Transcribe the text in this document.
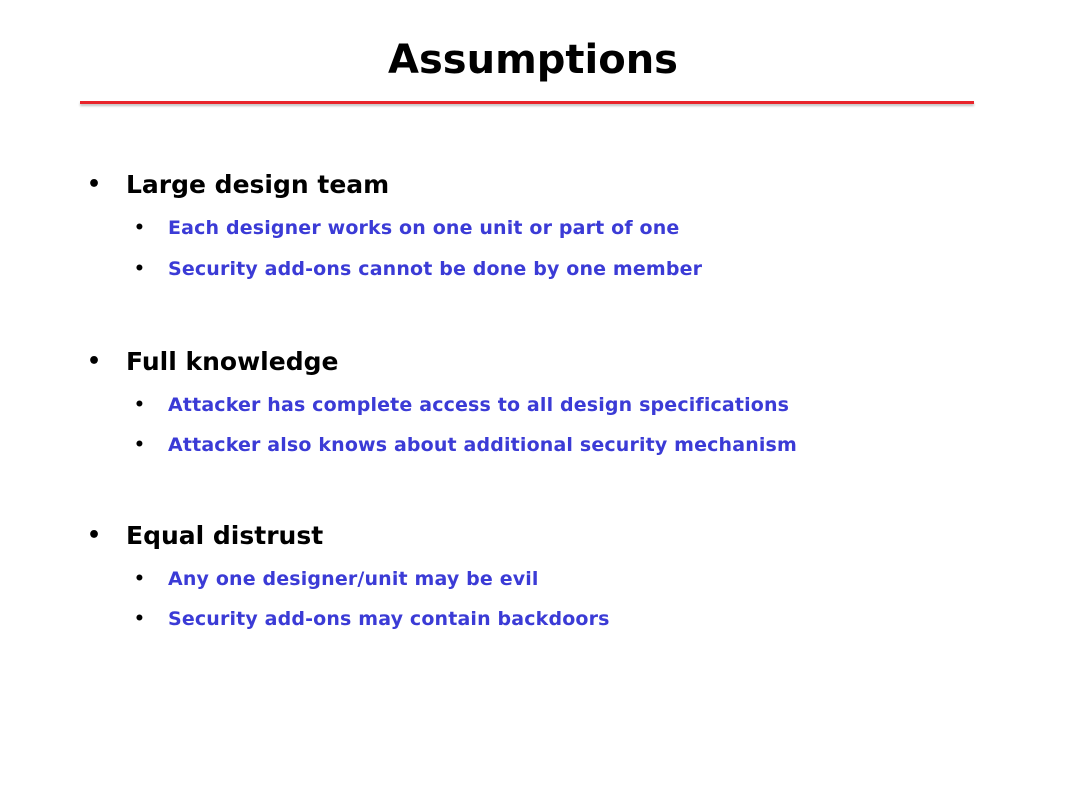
Assumptions
• Large design team
• Each designer works on one unit or part of one
• Security add-ons cannot be done by one member
• Full knowledge
• Attacker has complete access to all design specifications
• Attacker also knows about additional security mechanism
• Equal distrust
• Any one designer/unit may be evil
• Security add-ons may contain backdoors
